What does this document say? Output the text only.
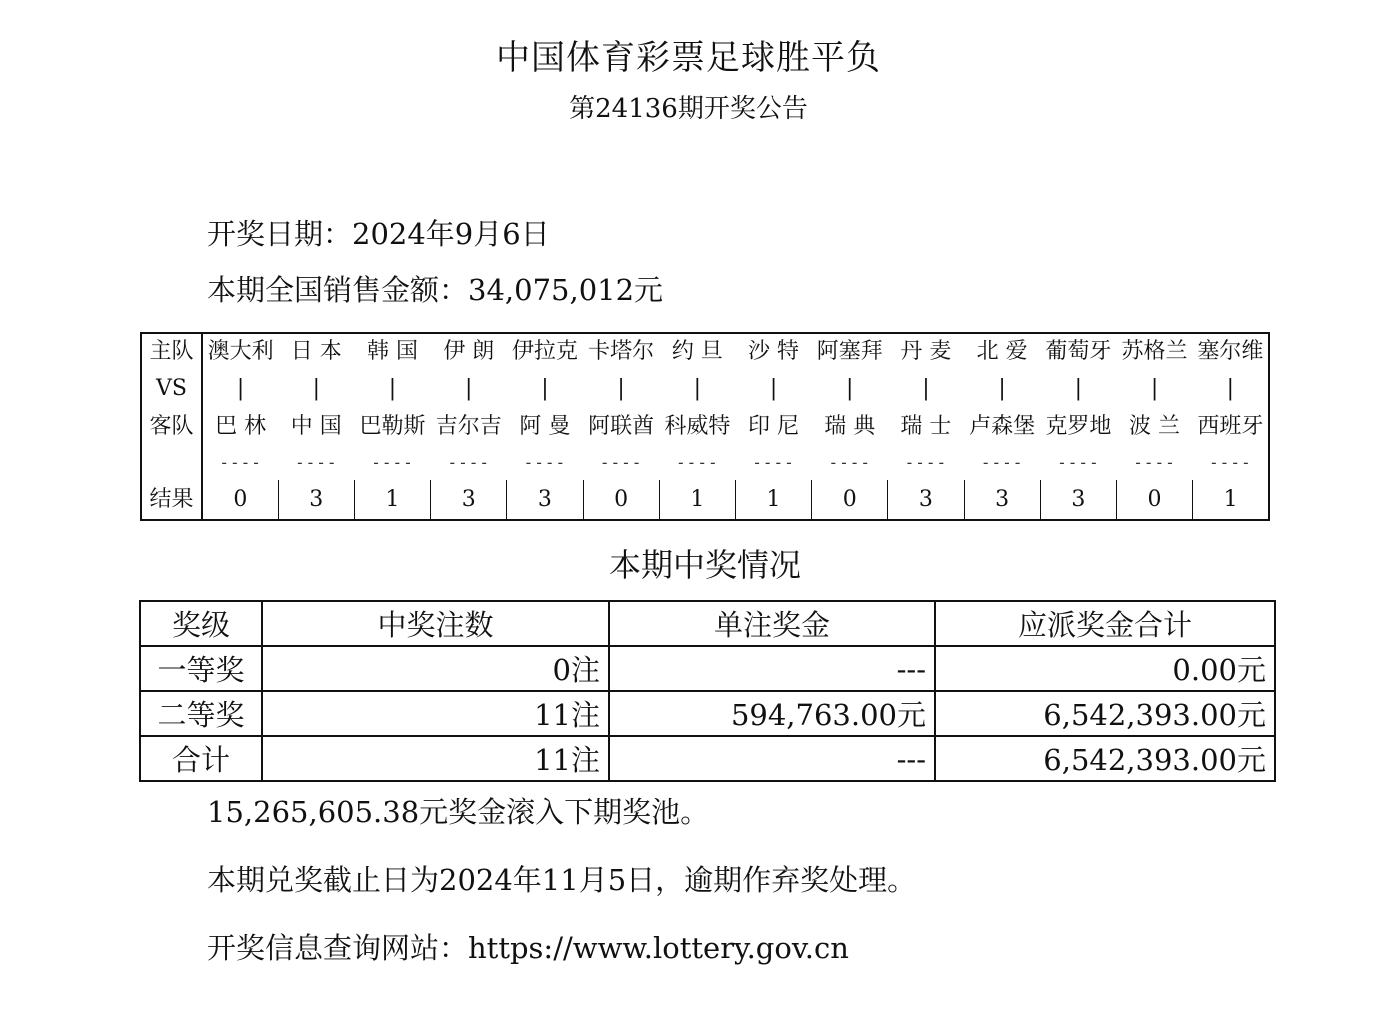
中国体育彩票足球胜平负
第24136期开奖公告
开奖日期：2024年9月6日
本期全国销售金额：34,075,012元
主队	澳大利	日 本	韩 国	伊 朗	伊拉克	卡塔尔	约 旦	沙 特	阿塞拜	丹 麦	北 爱	葡萄牙	苏格兰	塞尔维
VS	|	|	|	|	|	|	|	|	|	|	|	|	|	|
客队	巴 林	中 国	巴勒斯	吉尔吉	阿 曼	阿联酋	科威特	印 尼	瑞 典	瑞 士	卢森堡	克罗地	波 兰	西班牙
	----	----	----	----	----	----	----	----	----	----	----	----	----	----
结果	0	3	1	3	3	0	1	1	0	3	3	3	0	1
本期中奖情况
奖级	中奖注数	单注奖金	应派奖金合计
一等奖	0注	---	0.00元
二等奖	11注	594,763.00元	6,542,393.00元
合计	11注	---	6,542,393.00元
15,265,605.38元奖金滚入下期奖池。
本期兑奖截止日为2024年11月5日，逾期作弃奖处理。
开奖信息查询网站：https://www.lottery.gov.cn
